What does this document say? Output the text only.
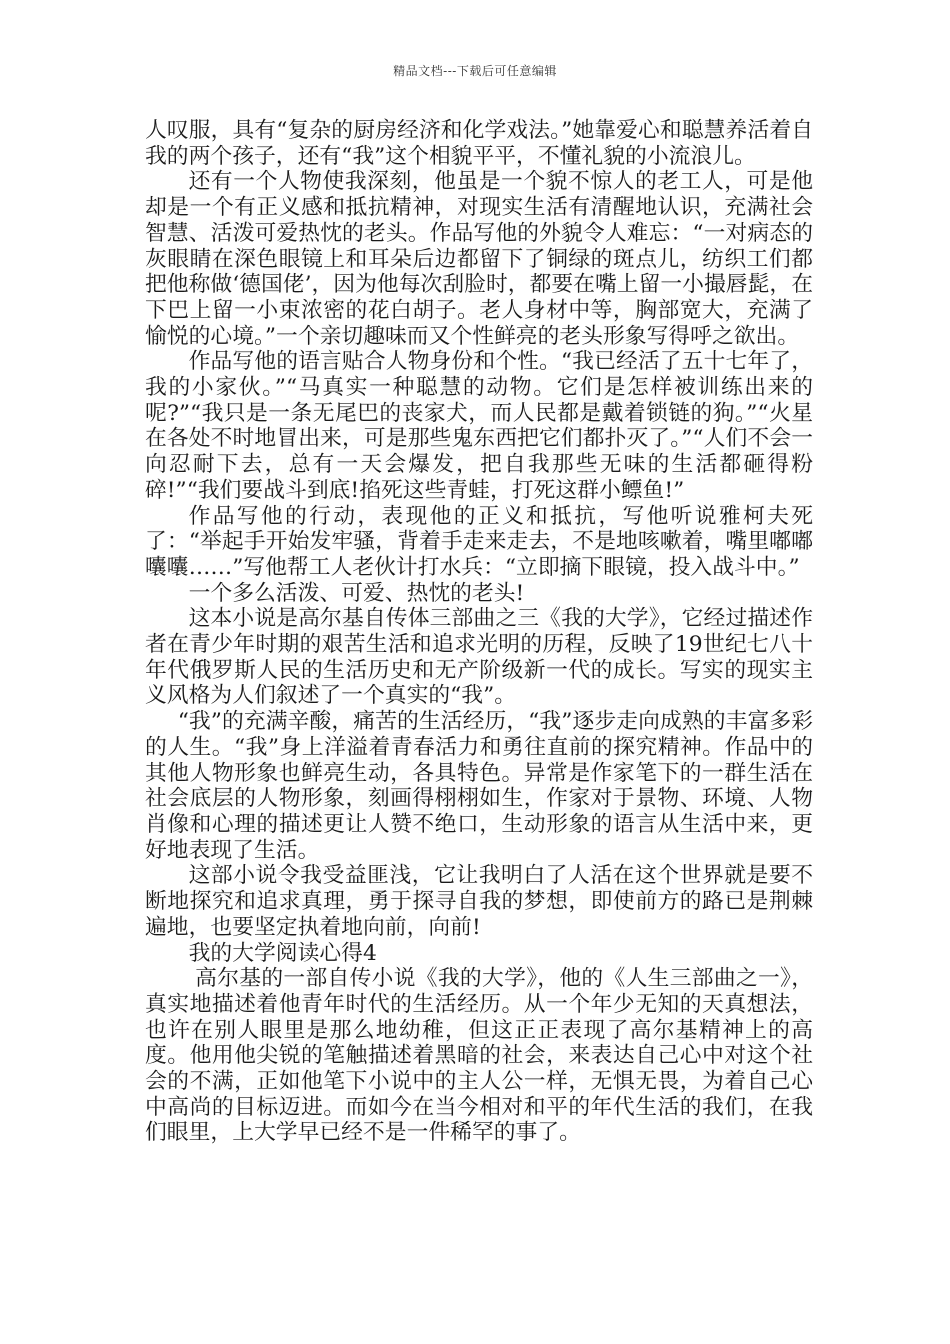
精品文档---下载后可任意编辑

人叹服，具有“复杂的厨房经济和化学戏法。”她靠爱心和聪慧养活着自我的两个孩子，还有“我”这个相貌平平，不懂礼貌的小流浪儿。

还有一个人物使我深刻，他虽是一个貌不惊人的老工人，可是他却是一个有正义感和抵抗精神，对现实生活有清醒地认识，充满社会智慧、活泼可爱热忱的老头。作品写他的外貌令人难忘：“一对病态的灰眼睛在深色眼镜上和耳朵后边都留下了铜绿的斑点儿，纺织工们都把他称做‘德国佬’，因为他每次刮脸时，都要在嘴上留一小撮唇髭，在下巴上留一小束浓密的花白胡子。老人身材中等，胸部宽大，充满了愉悦的心境。”一个亲切趣味而又个性鲜亮的老头形象写得呼之欲出。

作品写他的语言贴合人物身份和个性。“我已经活了五十七年了，我的小家伙。”“马真实一种聪慧的动物。它们是怎样被训练出来的呢?”“我只是一条无尾巴的丧家犬，而人民都是戴着锁链的狗。”“火星在各处不时地冒出来，可是那些鬼东西把它们都扑灭了。”“人们不会一向忍耐下去，总有一天会爆发，把自我那些无味的生活都砸得粉碎!”“我们要战斗到底!掐死这些青蛙，打死这群小鳔鱼!”

作品写他的行动，表现他的正义和抵抗，写他听说雅柯夫死了：“举起手开始发牢骚，背着手走来走去，不是地咳嗽着，嘴里嘟嘟囔囔……”写他帮工人老伙计打水兵：“立即摘下眼镜，投入战斗中。”

一个多么活泼、可爱、热忱的老头!

这本小说是高尔基自传体三部曲之三《我的大学》，它经过描述作者在青少年时期的艰苦生活和追求光明的历程，反映了19世纪七八十年代俄罗斯人民的生活历史和无产阶级新一代的成长。写实的现实主义风格为人们叙述了一个真实的“我”。

“我”的充满辛酸，痛苦的生活经历，“我”逐步走向成熟的丰富多彩的人生。“我”身上洋溢着青春活力和勇往直前的探究精神。作品中的其他人物形象也鲜亮生动，各具特色。异常是作家笔下的一群生活在社会底层的人物形象，刻画得栩栩如生，作家对于景物、环境、人物肖像和心理的描述更让人赞不绝口，生动形象的语言从生活中来，更好地表现了生活。

这部小说令我受益匪浅，它让我明白了人活在这个世界就是要不断地探究和追求真理，勇于探寻自我的梦想，即使前方的路已是荆棘遍地，也要坚定执着地向前，向前!

我的大学阅读心得4

高尔基的一部自传小说《我的大学》，他的《人生三部曲之一》，真实地描述着他青年时代的生活经历。从一个年少无知的天真想法，也许在别人眼里是那么地幼稚，但这正正表现了高尔基精神上的高度。他用他尖锐的笔触描述着黑暗的社会，来表达自己心中对这个社会的不满，正如他笔下小说中的主人公一样，无惧无畏，为着自己心中高尚的目标迈进。而如今在当今相对和平的年代生活的我们，在我们眼里，上大学早已经不是一件稀罕的事了。
